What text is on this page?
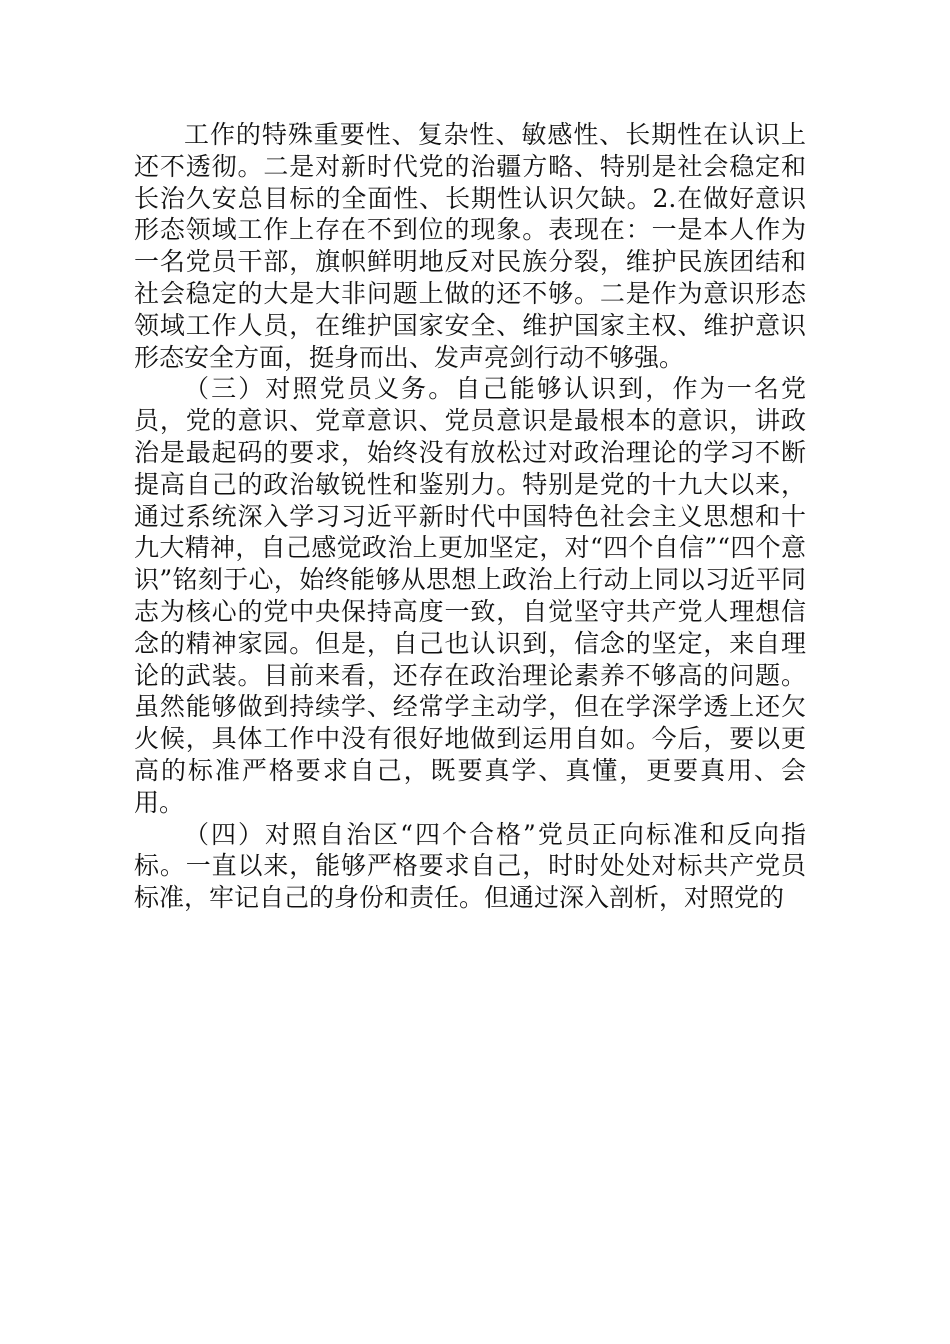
工作的特殊重要性、复杂性、敏感性、长期性在认识上还不透彻。二是对新时代党的治疆方略、特别是社会稳定和长治久安总目标的全面性、长期性认识欠缺。2.在做好意识形态领域工作上存在不到位的现象。表现在：一是本人作为一名党员干部，旗帜鲜明地反对民族分裂，维护民族团结和社会稳定的大是大非问题上做的还不够。二是作为意识形态领域工作人员，在维护国家安全、维护国家主权、维护意识形态安全方面，挺身而出、发声亮剑行动不够强。

（三）对照党员义务。自己能够认识到，作为一名党员，党的意识、党章意识、党员意识是最根本的意识，讲政治是最起码的要求，始终没有放松过对政治理论的学习不断提高自己的政治敏锐性和鉴别力。特别是党的十九大以来，通过系统深入学习习近平新时代中国特色社会主义思想和十九大精神，自己感觉政治上更加坚定，对“四个自信”“四个意识”铭刻于心，始终能够从思想上政治上行动上同以习近平同志为核心的党中央保持高度一致，自觉坚守共产党人理想信念的精神家园。但是，自己也认识到，信念的坚定，来自理论的武装。目前来看，还存在政治理论素养不够高的问题。虽然能够做到持续学、经常学主动学，但在学深学透上还欠火候，具体工作中没有很好地做到运用自如。今后，要以更高的标准严格要求自己，既要真学、真懂，更要真用、会用。

（四）对照自治区“四个合格”党员正向标准和反向指标。一直以来，能够严格要求自己，时时处处对标共产党员标准，牢记自己的身份和责任。但通过深入剖析，对照党的
